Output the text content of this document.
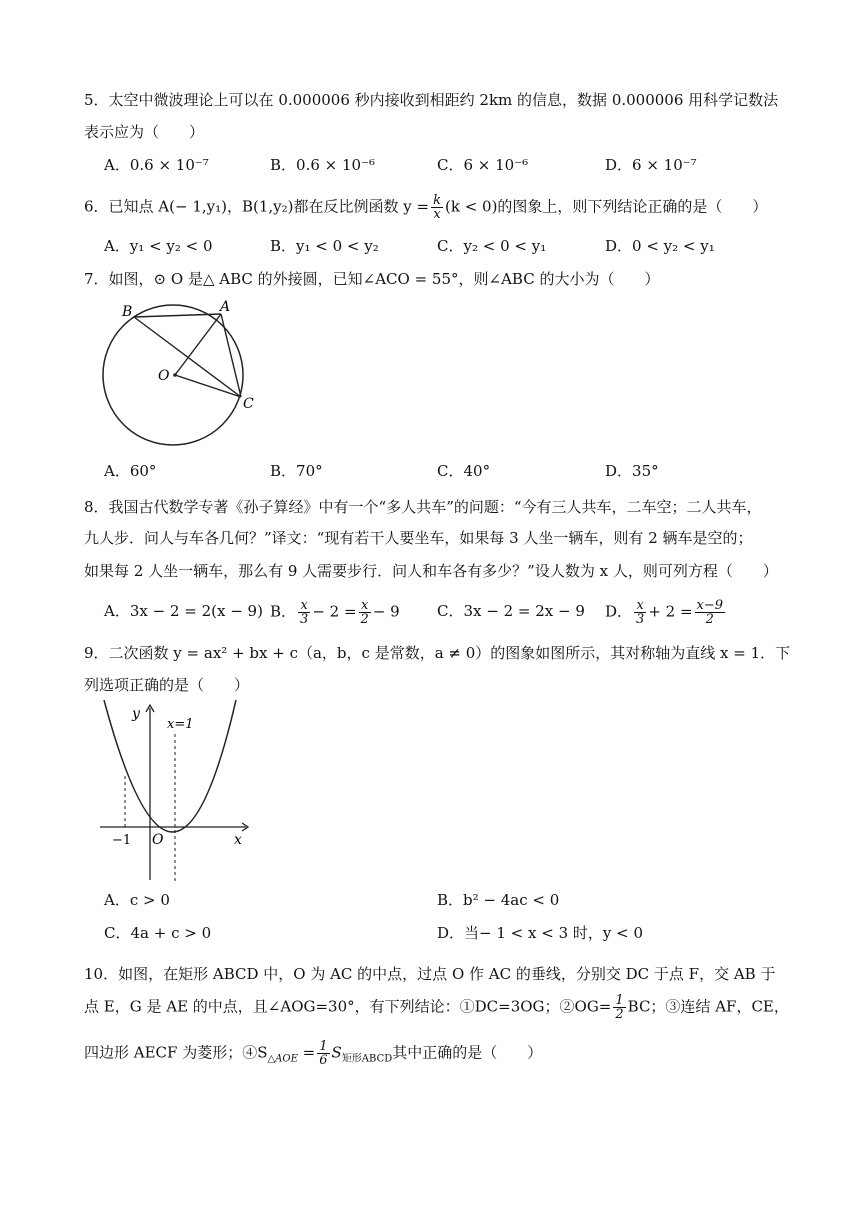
5．太空中微波理论上可以在 0.000006 秒内接收到相距约 2km 的信息，数据 0.000006 用科学记数法
表示应为（　　）
A．0.6 × 10⁻⁷	B．0.6 × 10⁻⁶	C．6 × 10⁻⁶	D．6 × 10⁻⁷
6．已知点 A(− 1,y₁)，B(1,y₂)都在反比例函数 $y = \frac{k}{x} (k < 0)$的图象上，则下列结论正确的是（　　）
A．y₁ < y₂ < 0	B．y₁ < 0 < y₂	C．y₂ < 0 < y₁	D．0 < y₂ < y₁
7．如图，⊙ O 是△ ABC 的外接圆，已知∠ACO = 55°，则∠ABC 的大小为（　　）
B	A
O
C
A．60°	B．70°	C．40°	D．35°
8．我国古代数学专著《孙子算经》中有一个“多人共车”的问题：“今有三人共车，二车空；二人共车，
九人步．问人与车各几何？”译文：“现有若干人要坐车，如果每 3 人坐一辆车，则有 2 辆车是空的；
如果每 2 人坐一辆车，那么有 9 人需要步行．问人和车各有多少？”设人数为 x 人，则可列方程（　　）
A．3x − 2 = 2(x − 9) B． $\frac{x}{3} - 2 = \frac{x}{2} - 9$ C．3x − 2 = 2x − 9 D． $\frac{x}{3} + 2 = \frac{x-9}{2}$
9．二次函数 y = ax² + bx + c（a，b，c 是常数，a ≠ 0）的图象如图所示，其对称轴为直线 x = 1．下
列选项正确的是（　　）
y
x=1
x
−1 O
A．c > 0	B．b² − 4ac < 0
C．4a + c > 0	D．当− 1 < x < 3 时，y < 0
10．如图，在矩形 ABCD 中，O 为 AC 的中点，过点 O 作 AC 的垂线，分别交 DC 于点 F，交 AB 于
点 E，G 是 AE 的中点，且∠AOG=30°，有下列结论：①DC=3OG；②OG= $\frac{1}{2}$ BC；③连结 AF，CE，
四边形 AECF 为菱形；$④S_{\triangle AOE} = \frac{1}{6} S_{矩形ABCD}$其中正确的是（　　）
